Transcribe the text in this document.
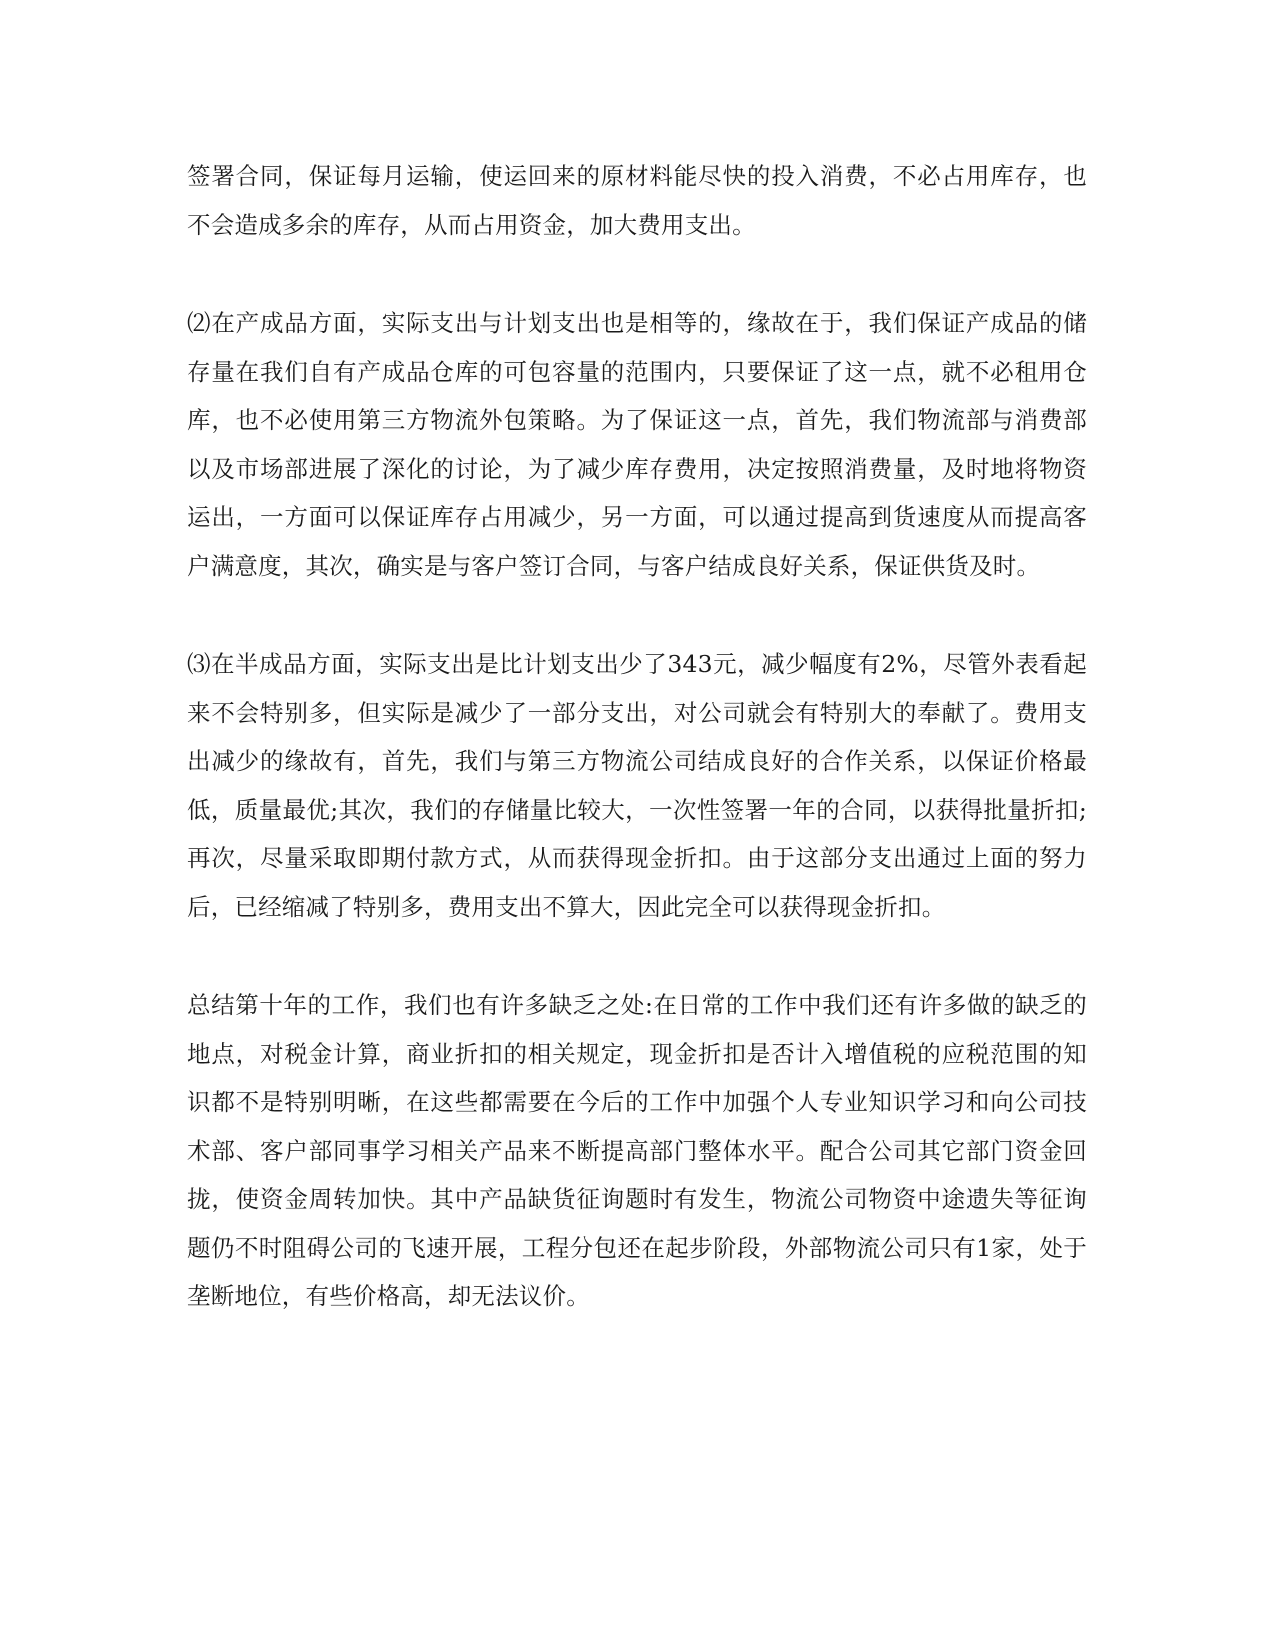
签署合同，保证每月运输，使运回来的原材料能尽快的投入消费，不必占用库存，也不会造成多余的库存，从而占用资金，加大费用支出。

⑵在产成品方面，实际支出与计划支出也是相等的，缘故在于，我们保证产成品的储存量在我们自有产成品仓库的可包容量的范围内，只要保证了这一点，就不必租用仓库，也不必使用第三方物流外包策略。为了保证这一点，首先，我们物流部与消费部以及市场部进展了深化的讨论，为了减少库存费用，决定按照消费量，及时地将物资运出，一方面可以保证库存占用减少，另一方面，可以通过提高到货速度从而提高客户满意度，其次，确实是与客户签订合同，与客户结成良好关系，保证供货及时。

⑶在半成品方面，实际支出是比计划支出少了343元，减少幅度有2%，尽管外表看起来不会特别多，但实际是减少了一部分支出，对公司就会有特别大的奉献了。费用支出减少的缘故有，首先，我们与第三方物流公司结成良好的合作关系，以保证价格最低，质量最优;其次，我们的存储量比较大，一次性签署一年的合同，以获得批量折扣;再次，尽量采取即期付款方式，从而获得现金折扣。由于这部分支出通过上面的努力后，已经缩减了特别多，费用支出不算大，因此完全可以获得现金折扣。

总结第十年的工作，我们也有许多缺乏之处:在日常的工作中我们还有许多做的缺乏的地点，对税金计算，商业折扣的相关规定，现金折扣是否计入增值税的应税范围的知识都不是特别明晰，在这些都需要在今后的工作中加强个人专业知识学习和向公司技术部、客户部同事学习相关产品来不断提高部门整体水平。配合公司其它部门资金回拢，使资金周转加快。其中产品缺货征询题时有发生，物流公司物资中途遗失等征询题仍不时阻碍公司的飞速开展，工程分包还在起步阶段，外部物流公司只有1家，处于垄断地位，有些价格高，却无法议价。
